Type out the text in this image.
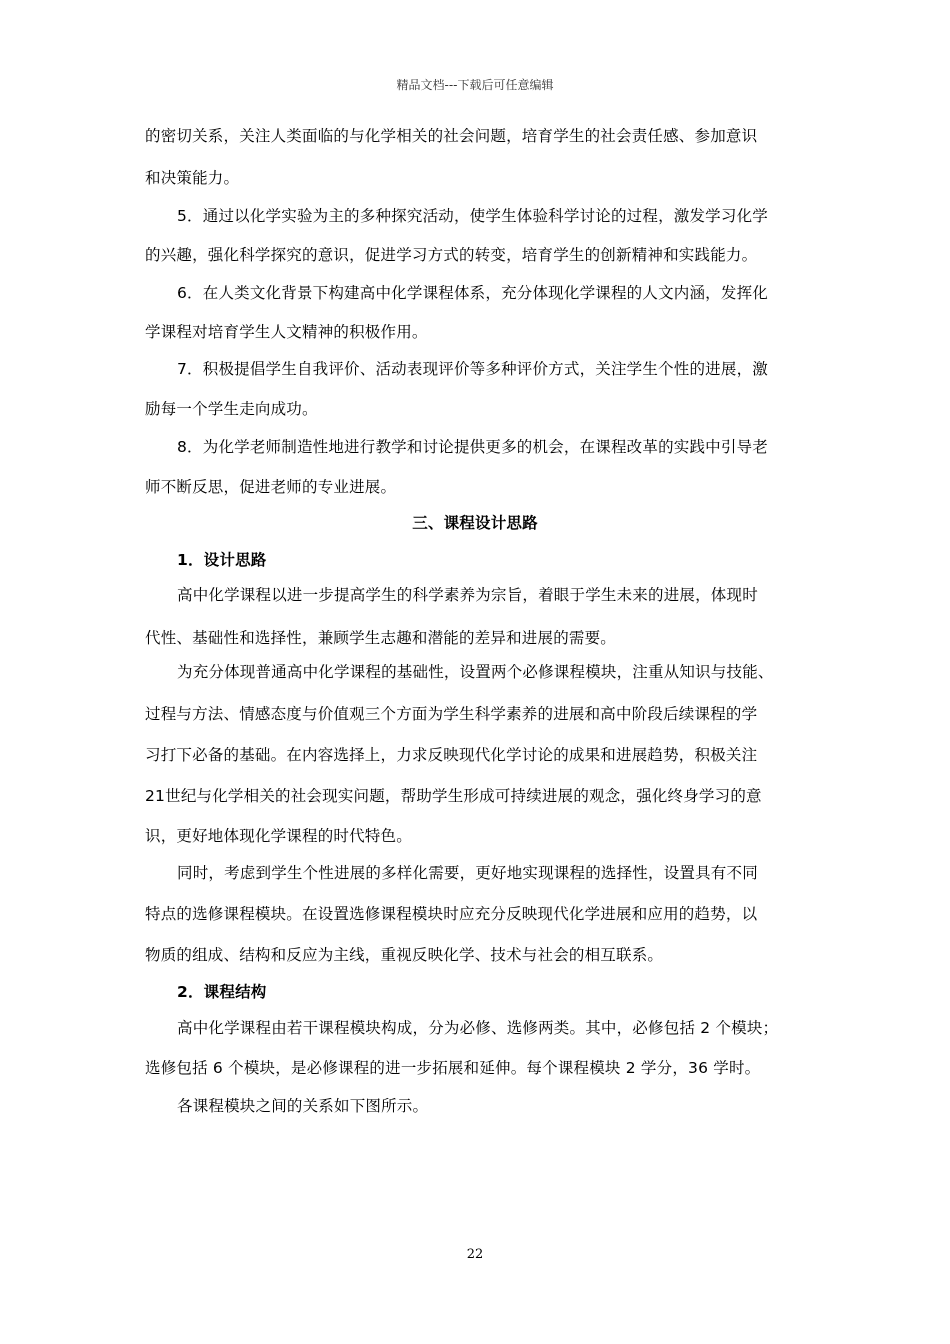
精品文档---下载后可任意编辑
的密切关系，关注人类面临的与化学相关的社会问题，培育学生的社会责任感、参加意识
和决策能力。
5．通过以化学实验为主的多种探究活动，使学生体验科学讨论的过程，激发学习化学
的兴趣，强化科学探究的意识，促进学习方式的转变，培育学生的创新精神和实践能力。
6．在人类文化背景下构建高中化学课程体系，充分体现化学课程的人文内涵，发挥化
学课程对培育学生人文精神的积极作用。
7．积极提倡学生自我评价、活动表现评价等多种评价方式，关注学生个性的进展，激
励每一个学生走向成功。
8．为化学老师制造性地进行教学和讨论提供更多的机会，在课程改革的实践中引导老
师不断反思，促进老师的专业进展。
三、课程设计思路
1．设计思路
高中化学课程以进一步提高学生的科学素养为宗旨，着眼于学生未来的进展，体现时
代性、基础性和选择性，兼顾学生志趣和潜能的差异和进展的需要。
为充分体现普通高中化学课程的基础性，设置两个必修课程模块，注重从知识与技能、
过程与方法、情感态度与价值观三个方面为学生科学素养的进展和高中阶段后续课程的学
习打下必备的基础。在内容选择上，力求反映现代化学讨论的成果和进展趋势，积极关注
21世纪与化学相关的社会现实问题，帮助学生形成可持续进展的观念，强化终身学习的意
识，更好地体现化学课程的时代特色。
同时，考虑到学生个性进展的多样化需要，更好地实现课程的选择性，设置具有不同
特点的选修课程模块。在设置选修课程模块时应充分反映现代化学进展和应用的趋势，以
物质的组成、结构和反应为主线，重视反映化学、技术与社会的相互联系。
2．课程结构
高中化学课程由若干课程模块构成，分为必修、选修两类。其中，必修包括 2 个模块；
选修包括 6 个模块，是必修课程的进一步拓展和延伸。每个课程模块 2 学分，36 学时。
各课程模块之间的关系如下图所示。
22
